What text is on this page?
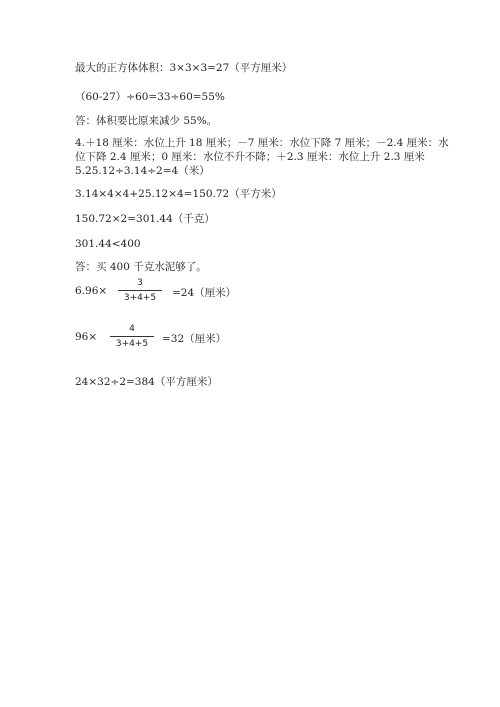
最大的正方体体积：3×3×3=27（平方厘米）
（60-27）÷60=33÷60=55%
答：体积要比原来减少 55%。
4.＋18 厘米：水位上升 18 厘米；－7 厘米：水位下降 7 厘米；－2.4 厘米：水
位下降 2.4 厘米；0 厘米：水位不升不降；＋2.3 厘米：水位上升 2.3 厘米
5.25.12÷3.14÷2=4（米）
3.14×4×4+25.12×4=150.72（平方米）
150.72×2=301.44（千克）
301.44<400
答：买 400 千克水泥够了。
6.96×
3
3+4+5	=24（厘米）
96×
4
3+4+5	=32（厘米）
24×32÷2=384（平方厘米）
